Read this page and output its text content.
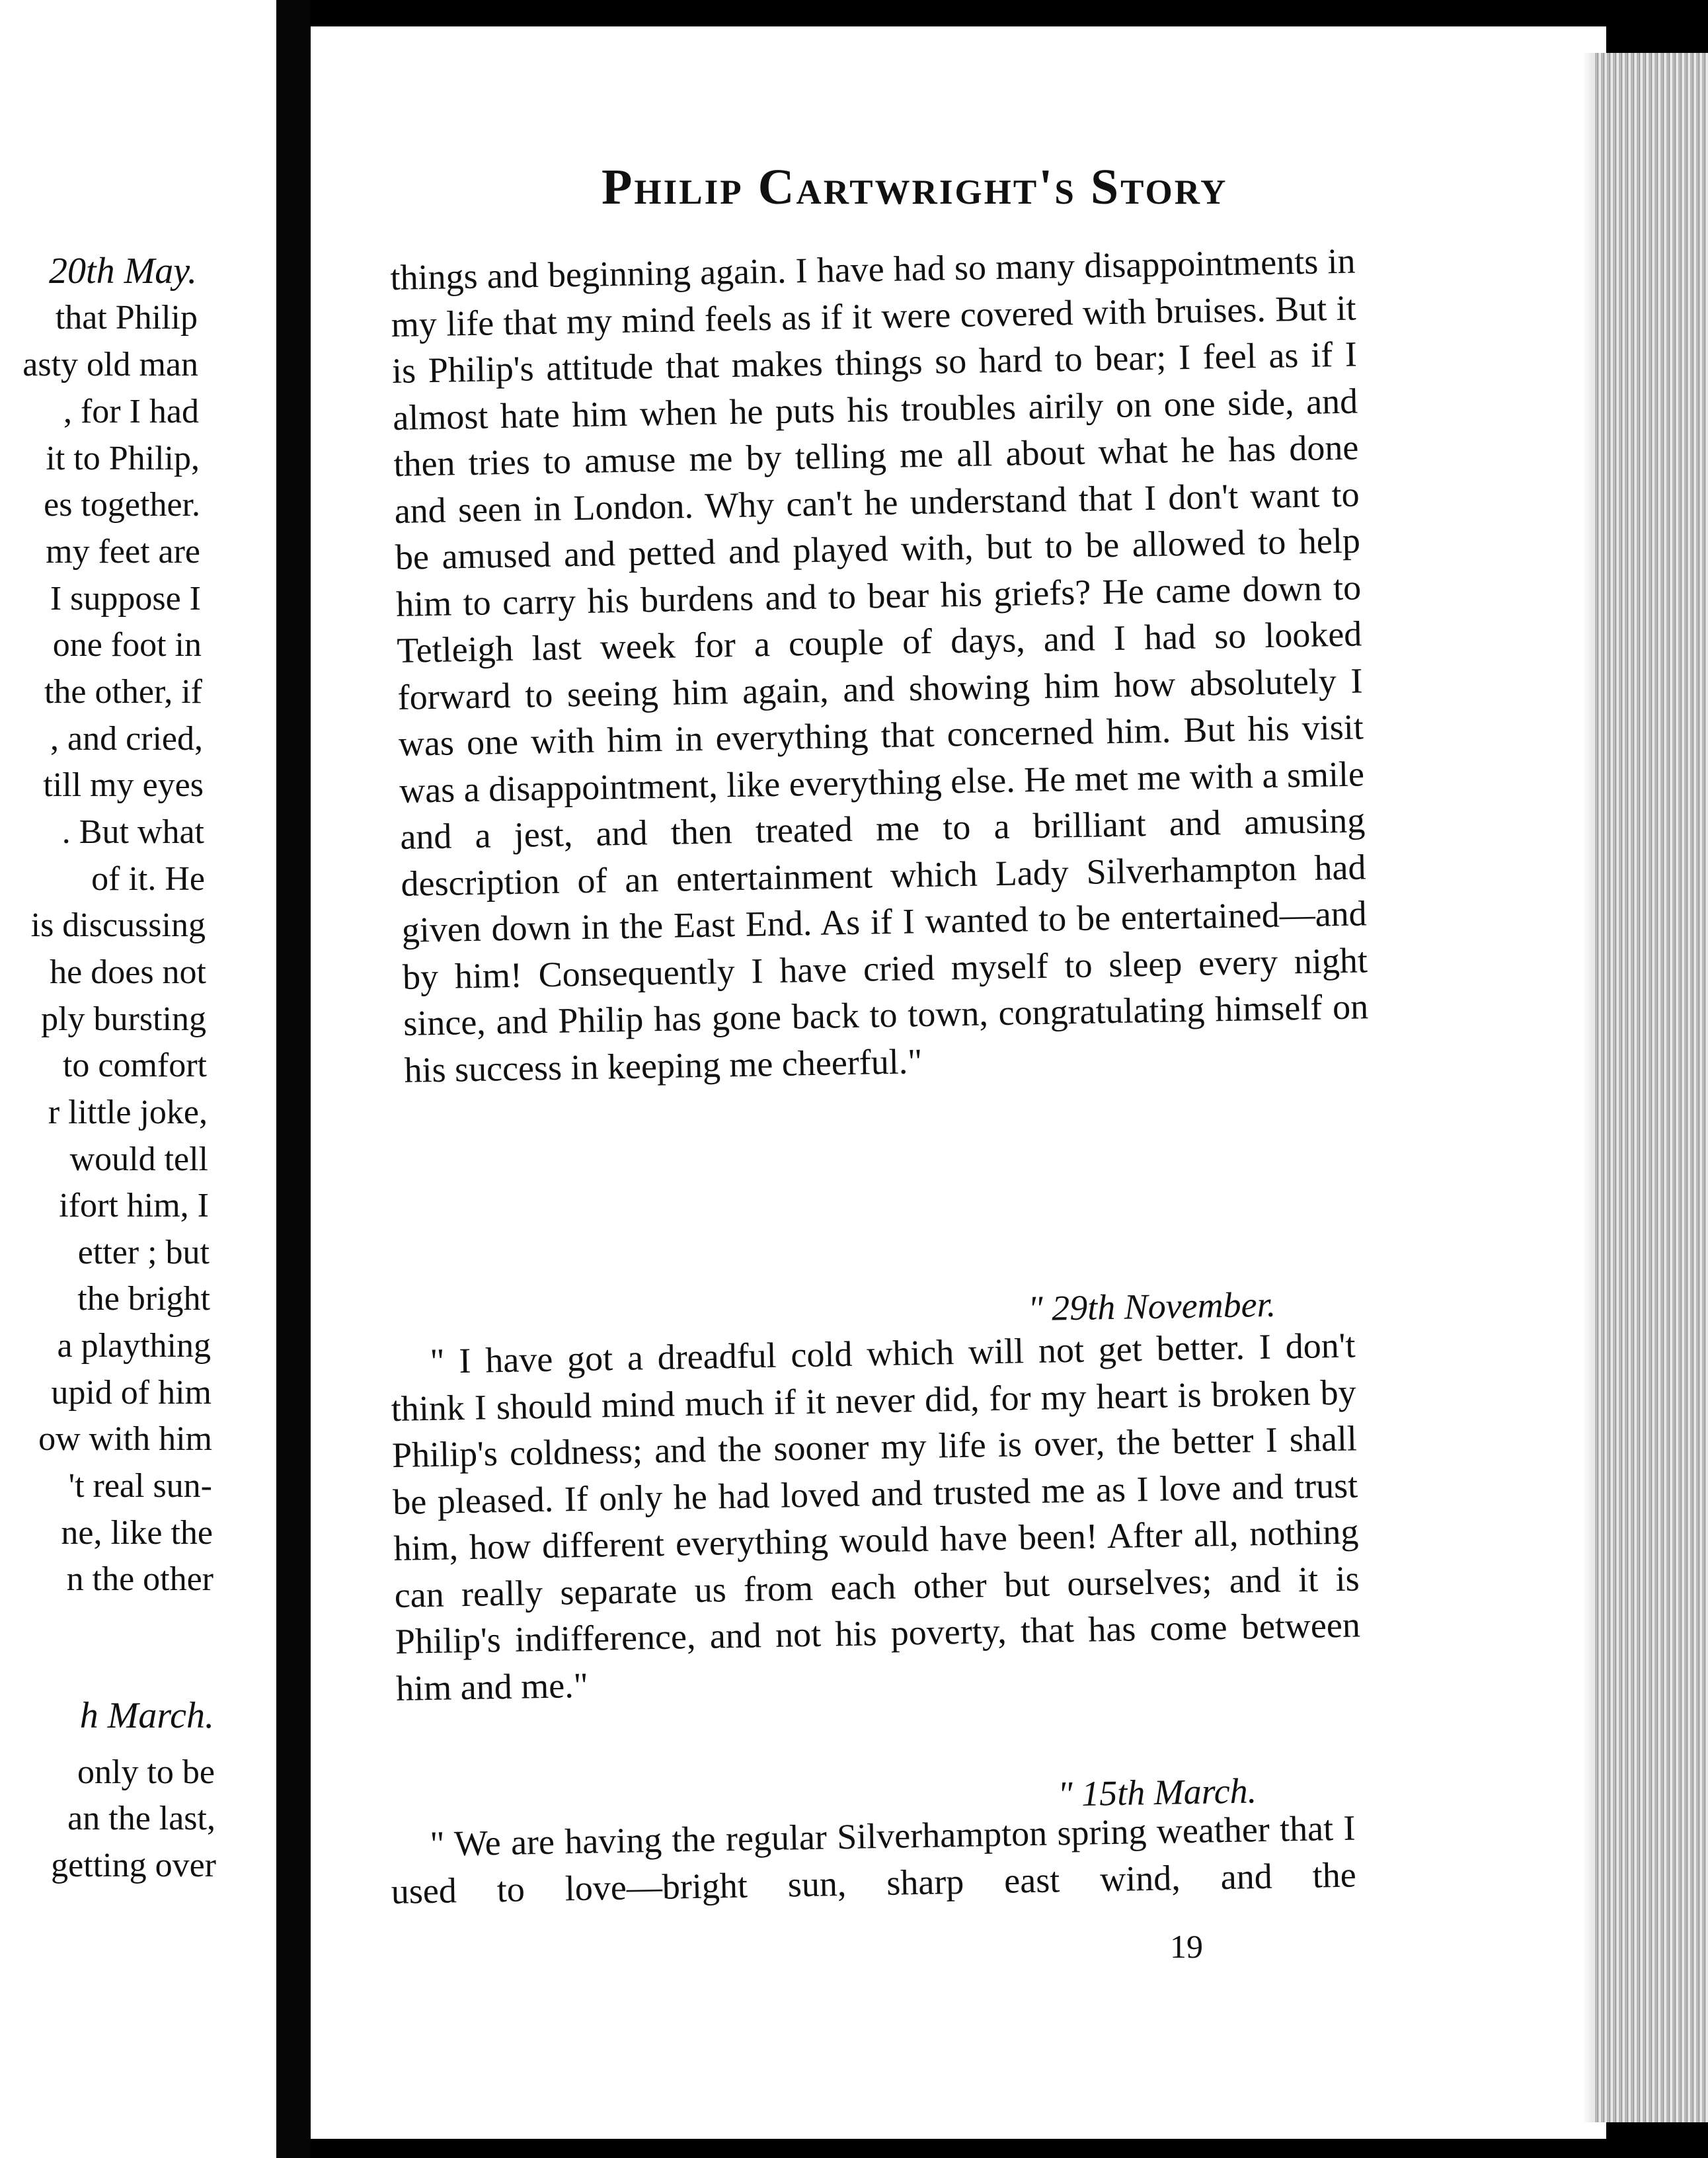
20th May.
that Philip
asty old man
, for I had
it to Philip,
es together.
my feet are
I suppose I
one foot in
the other, if
, and cried,
till my eyes
. But what
of it. He
is discussing
he does not
ply bursting
to comfort
r little joke,
would tell
ifort him, I
etter ; but
the bright
a plaything
upid of him
ow with him
't real sun-
ne, like the
n the other
h March.
only to be
an the last,
getting over
Philip Cartwright's Story

things and beginning again. I have had so many disappointments in my life that my mind feels as if it were covered with bruises. But it is Philip's attitude that makes things so hard to bear; I feel as if I almost hate him when he puts his troubles airily on one side, and then tries to amuse me by telling me all about what he has done and seen in London. Why can't he understand that I don't want to be amused and petted and played with, but to be allowed to help him to carry his burdens and to bear his griefs? He came down to Tetleigh last week for a couple of days, and I had so looked forward to seeing him again, and showing him how absolutely I was one with him in everything that concerned him. But his visit was a disappointment, like everything else. He met me with a smile and a jest, and then treated me to a brilliant and amusing description of an entertainment which Lady Silverhampton had given down in the East End. As if I wanted to be entertained—and by him! Consequently I have cried myself to sleep every night since, and Philip has gone back to town, congratulating himself on his success in keeping me cheerful."

" 29th November.

" I have got a dreadful cold which will not get better. I don't think I should mind much if it never did, for my heart is broken by Philip's coldness; and the sooner my life is over, the better I shall be pleased. If only he had loved and trusted me as I love and trust him, how different everything would have been! After all, nothing can really separate us from each other but ourselves; and it is Philip's indifference, and not his poverty, that has come between him and me."

" 15th March.

" We are having the regular Silverhampton spring weather that I used to love—bright sun, sharp east wind, and the

19
